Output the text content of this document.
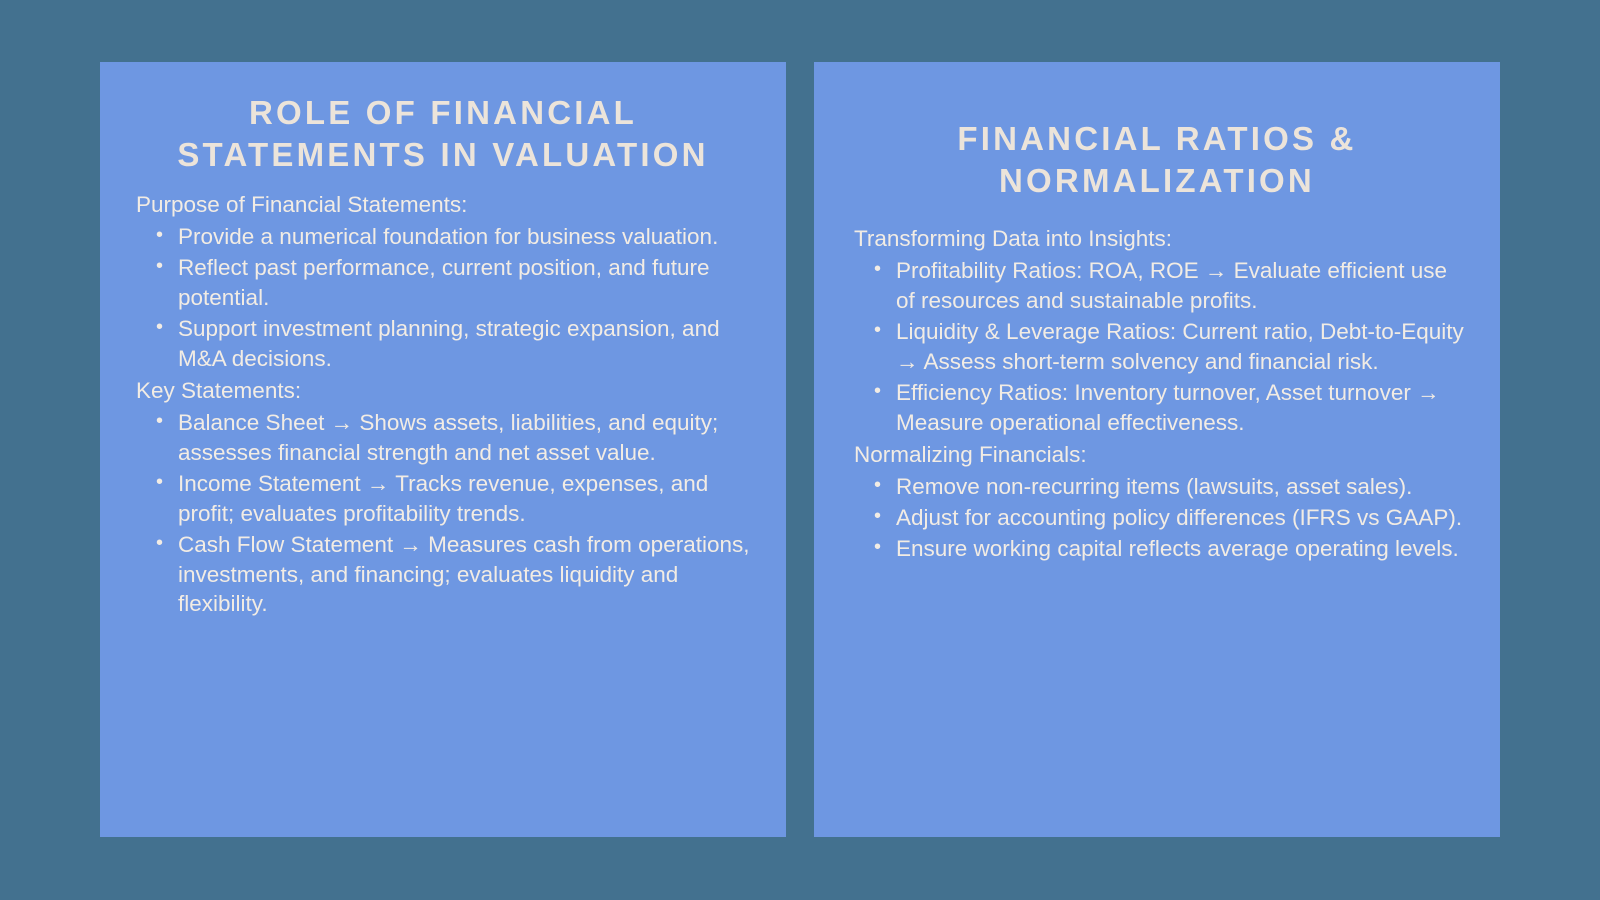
ROLE OF FINANCIAL STATEMENTS IN VALUATION

Purpose of Financial Statements:

• Provide a numerical foundation for business valuation.
• Reflect past performance, current position, and future potential.
• Support investment planning, strategic expansion, and M&A decisions.

Key Statements:

• Balance Sheet → Shows assets, liabilities, and equity; assesses financial strength and net asset value.
• Income Statement → Tracks revenue, expenses, and profit; evaluates profitability trends.
• Cash Flow Statement → Measures cash from operations, investments, and financing; evaluates liquidity and flexibility.
FINANCIAL RATIOS & NORMALIZATION

Transforming Data into Insights:

• Profitability Ratios: ROA, ROE → Evaluate efficient use of resources and sustainable profits.
• Liquidity & Leverage Ratios: Current ratio, Debt-to-Equity → Assess short-term solvency and financial risk.
• Efficiency Ratios: Inventory turnover, Asset turnover → Measure operational effectiveness.

Normalizing Financials:

• Remove non-recurring items (lawsuits, asset sales).
• Adjust for accounting policy differences (IFRS vs GAAP).
• Ensure working capital reflects average operating levels.
